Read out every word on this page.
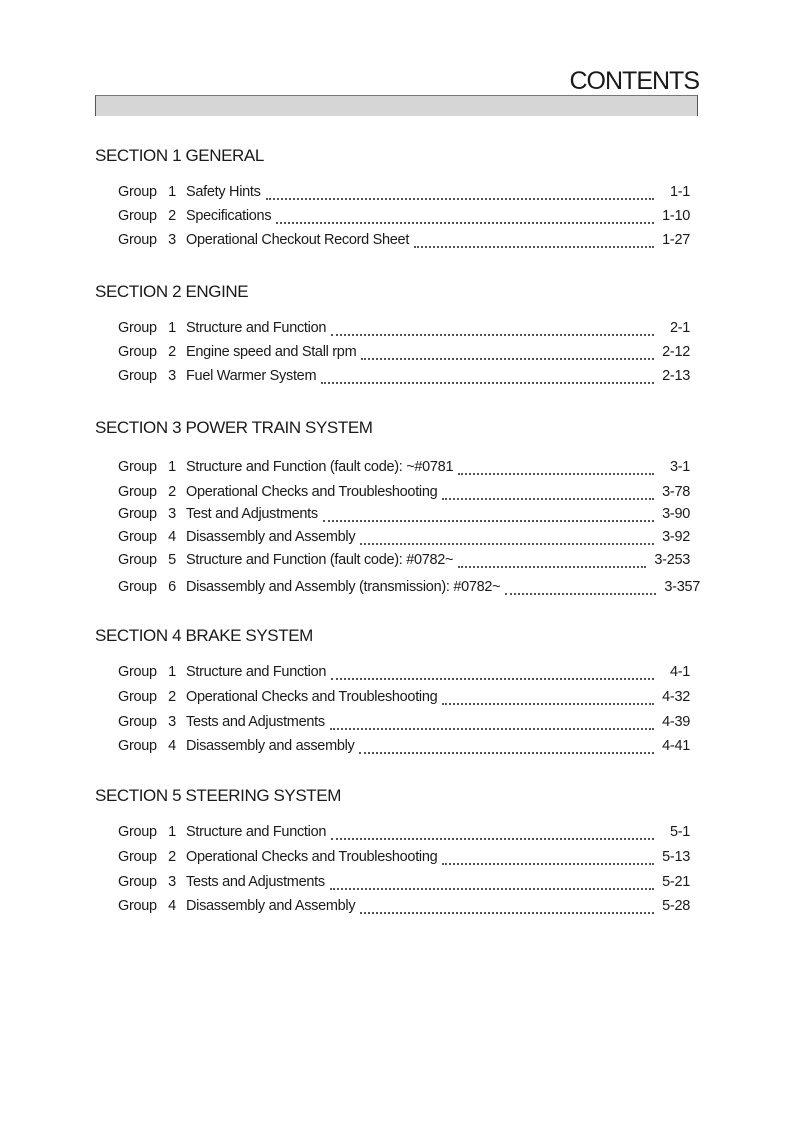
CONTENTS
SECTION 1 GENERAL
Group 1 Safety Hints	1-1
Group 2 Specifications	1-10
Group 3 Operational Checkout Record Sheet	1-27
SECTION 2 ENGINE
Group 1 Structure and Function	2-1
Group 2 Engine speed and Stall rpm	2-12
Group 3 Fuel Warmer System	2-13
SECTION 3 POWER TRAIN SYSTEM
Group 1 Structure and Function (fault code): ~#0781	3-1
Group 2 Operational Checks and Troubleshooting	3-78
Group 3 Test and Adjustments	3-90
Group 4 Disassembly and Assembly	3-92
Group 5 Structure and Function (fault code): #0782~	3-253
Group 6 Disassembly and Assembly (transmission): #0782~	3-357
SECTION 4 BRAKE SYSTEM
Group 1 Structure and Function	4-1
Group 2 Operational Checks and Troubleshooting	4-32
Group 3 Tests and Adjustments	4-39
Group 4 Disassembly and assembly	4-41
SECTION 5 STEERING SYSTEM
Group 1 Structure and Function	5-1
Group 2 Operational Checks and Troubleshooting	5-13
Group 3 Tests and Adjustments	5-21
Group 4 Disassembly and Assembly	5-28
